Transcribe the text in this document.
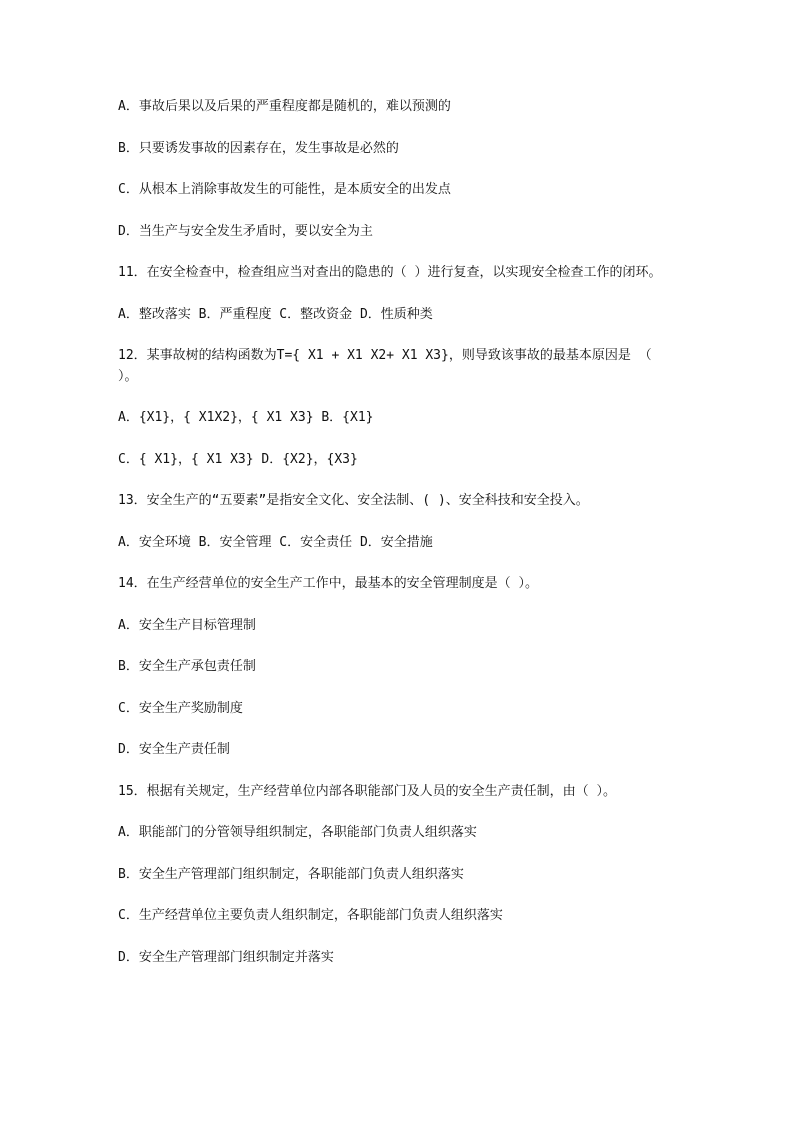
A．事故后果以及后果的严重程度都是随机的，难以预测的

B．只要诱发事故的因素存在，发生事故是必然的

C．从根本上消除事故发生的可能性，是本质安全的出发点

D．当生产与安全发生矛盾时，要以安全为主

11．在安全检查中，检查组应当对查出的隐患的（ ）进行复查，以实现安全检查工作的闭环。

A．整改落实 B．严重程度 C．整改资金 D．性质种类

12．某事故树的结构函数为T={ X1 + X1 X2+ X1 X3}，则导致该事故的最基本原因是 （ ）。

A．{X1}，{ X1X2}，{ X1 X3} B．{X1}

C．{ X1}，{ X1 X3} D．{X2}，{X3}

13．安全生产的“五要素”是指安全文化、安全法制、( )、安全科技和安全投入。

A．安全环境 B．安全管理 C．安全责任 D．安全措施

14．在生产经营单位的安全生产工作中，最基本的安全管理制度是（ ）。

A．安全生产目标管理制

B．安全生产承包责任制

C．安全生产奖励制度

D．安全生产责任制

15．根据有关规定，生产经营单位内部各职能部门及人员的安全生产责任制，由（ ）。

A．职能部门的分管领导组织制定，各职能部门负责人组织落实

B．安全生产管理部门组织制定，各职能部门负责人组织落实

C．生产经营单位主要负责人组织制定，各职能部门负责人组织落实

D．安全生产管理部门组织制定并落实
